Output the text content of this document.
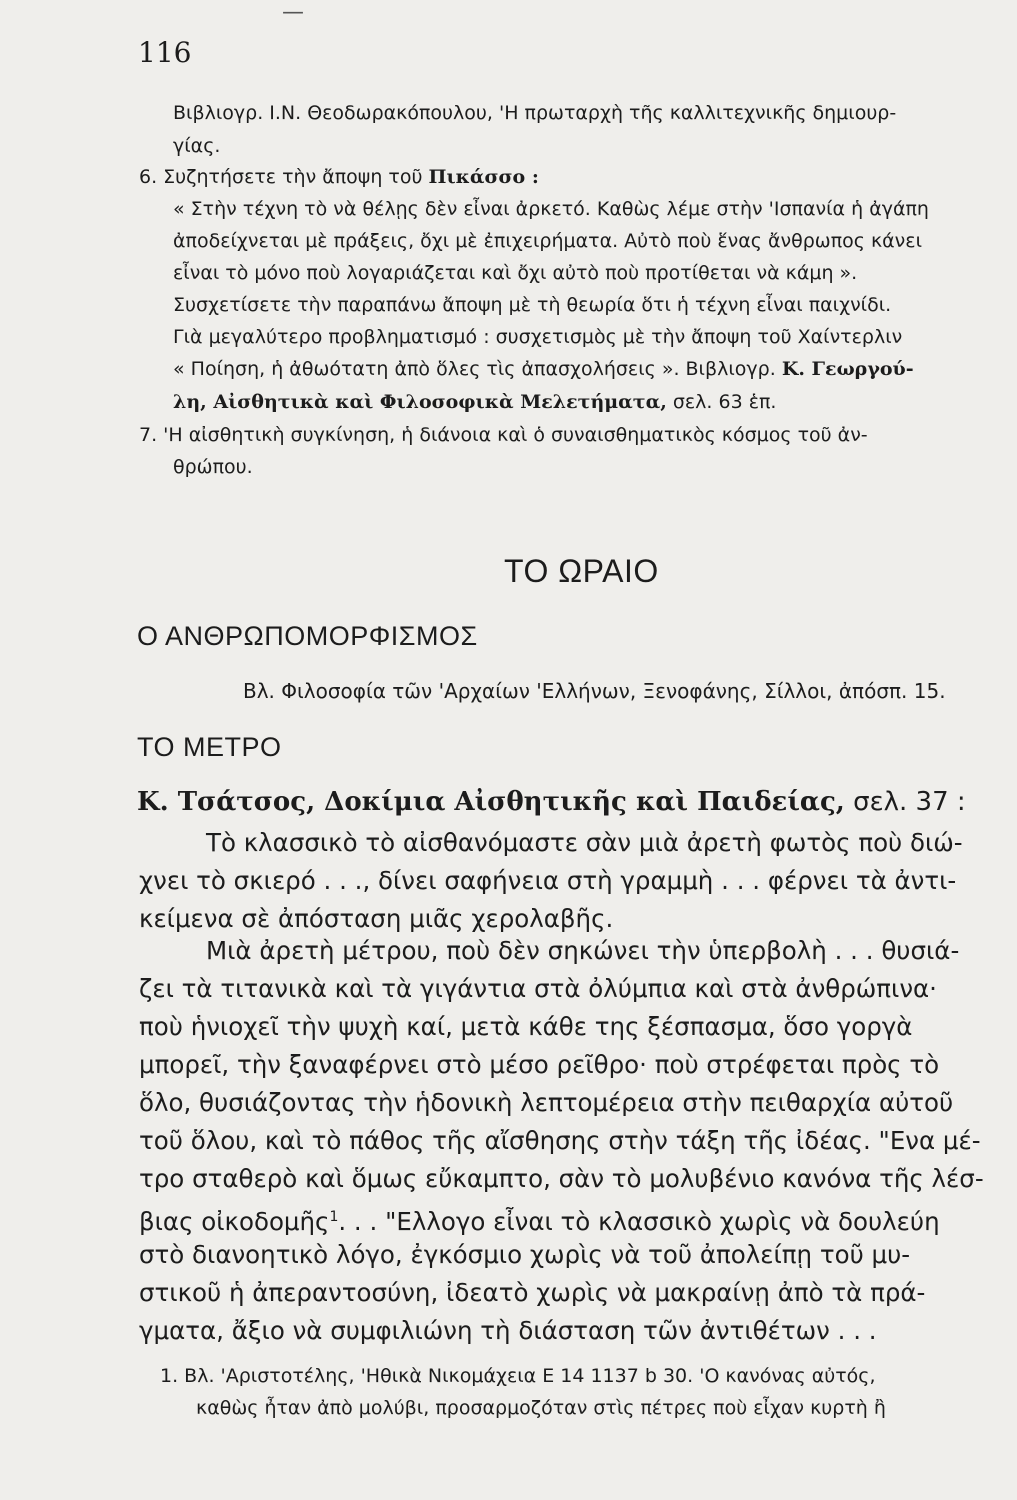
—
116
Βιβλιογρ. Ι.Ν. Θεοδωρακόπουλου, 'Η πρωταρχὴ τῆς καλλιτεχνικῆς δημιουρ-
γίας.
6. Συζητήσετε τὴν ἄποψη τοῦ Πικάσσο :
« Στὴν τέχνη τὸ νὰ θέλῃς δὲν εἶναι ἀρκετό. Καθὼς λέμε στὴν 'Ισπανία ἡ ἀγάπη
ἀποδείχνεται μὲ πράξεις, ὄχι μὲ ἐπιχειρήματα. Αὐτὸ ποὺ ἕνας ἄνθρωπος κάνει
εἶναι τὸ μόνο ποὺ λογαριάζεται καὶ ὄχι αὐτὸ ποὺ προτίθεται νὰ κάμη ».
Συσχετίσετε τὴν παραπάνω ἄποψη μὲ τὴ θεωρία ὅτι ἡ τέχνη εἶναι παιχνίδι.
Γιὰ μεγαλύτερο προβληματισμό : συσχετισμὸς μὲ τὴν ἄποψη τοῦ Χαίντερλιν
« Ποίηση, ἡ ἀθωότατη ἀπὸ ὅλες τὶς ἀπασχολήσεις ». Βιβλιογρ. Κ. Γεωργού-
λη, Αἰσθητικὰ καὶ Φιλοσοφικὰ Μελετήματα, σελ. 63 ἑπ.
7. 'Η αἰσθητικὴ συγκίνηση, ἡ διάνοια καὶ ὁ συναισθηματικὸς κόσμος τοῦ ἀν-
θρώπου.
ΤΟ ΩΡΑΙΟ
Ο ΑΝΘΡΩΠΟΜΟΡΦΙΣΜΟΣ
Βλ. Φιλοσοφία τῶν 'Αρχαίων 'Ελλήνων, Ξενοφάνης, Σίλλοι, ἀπόσπ. 15.
ΤΟ ΜΕΤΡΟ
Κ. Τσάτσος, Δοκίμια Αἰσθητικῆς καὶ Παιδείας, σελ. 37 :
Τὸ κλασσικὸ τὸ αἰσθανόμαστε σὰν μιὰ ἀρετὴ φωτὸς ποὺ διώ-
χνει τὸ σκιερό . . ., δίνει σαφήνεια στὴ γραμμὴ . . . φέρνει τὰ ἀντι-
κείμενα σὲ ἀπόσταση μιᾶς χερολαβῆς.
Μιὰ ἀρετὴ μέτρου, ποὺ δὲν σηκώνει τὴν ὑπερβολὴ . . . θυσιά-
ζει τὰ τιτανικὰ καὶ τὰ γιγάντια στὰ ὀλύμπια καὶ στὰ ἀνθρώπινα·
ποὺ ἡνιοχεῖ τὴν ψυχὴ καί, μετὰ κάθε της ξέσπασμα, ὅσο γοργὰ
μπορεῖ, τὴν ξαναφέρνει στὸ μέσο ρεῖθρο· ποὺ στρέφεται πρὸς τὸ
ὅλο, θυσιάζοντας τὴν ἡδονικὴ λεπτομέρεια στὴν πειθαρχία αὐτοῦ
τοῦ ὅλου, καὶ τὸ πάθος τῆς αἴσθησης στὴν τάξη τῆς ἰδέας. "Ενα μέ-
τρο σταθερὸ καὶ ὅμως εὔκαμπτο, σὰν τὸ μολυβένιο κανόνα τῆς λέσ-
βιας οἰκοδομῆς$^1$. . . "Ελλογο εἶναι τὸ κλασσικὸ χωρὶς νὰ δουλεύη
στὸ διανοητικὸ λόγο, ἐγκόσμιο χωρὶς νὰ τοῦ ἀπολείπῃ τοῦ μυ-
στικοῦ ἡ ἀπεραντοσύνη, ἰδεατὸ χωρὶς νὰ μακραίνῃ ἀπὸ τὰ πρά-
γματα, ἄξιο νὰ συμφιλιώνη τὴ διάσταση τῶν ἀντιθέτων . . .
1. Βλ. 'Αριστοτέλης, 'Ηθικὰ Νικομάχεια Ε 14 1137 b 30. 'Ο κανόνας αὐτός,
καθὼς ἦταν ἀπὸ μολύβι, προσαρμοζόταν στὶς πέτρες ποὺ εἶχαν κυρτὴ ἢ
